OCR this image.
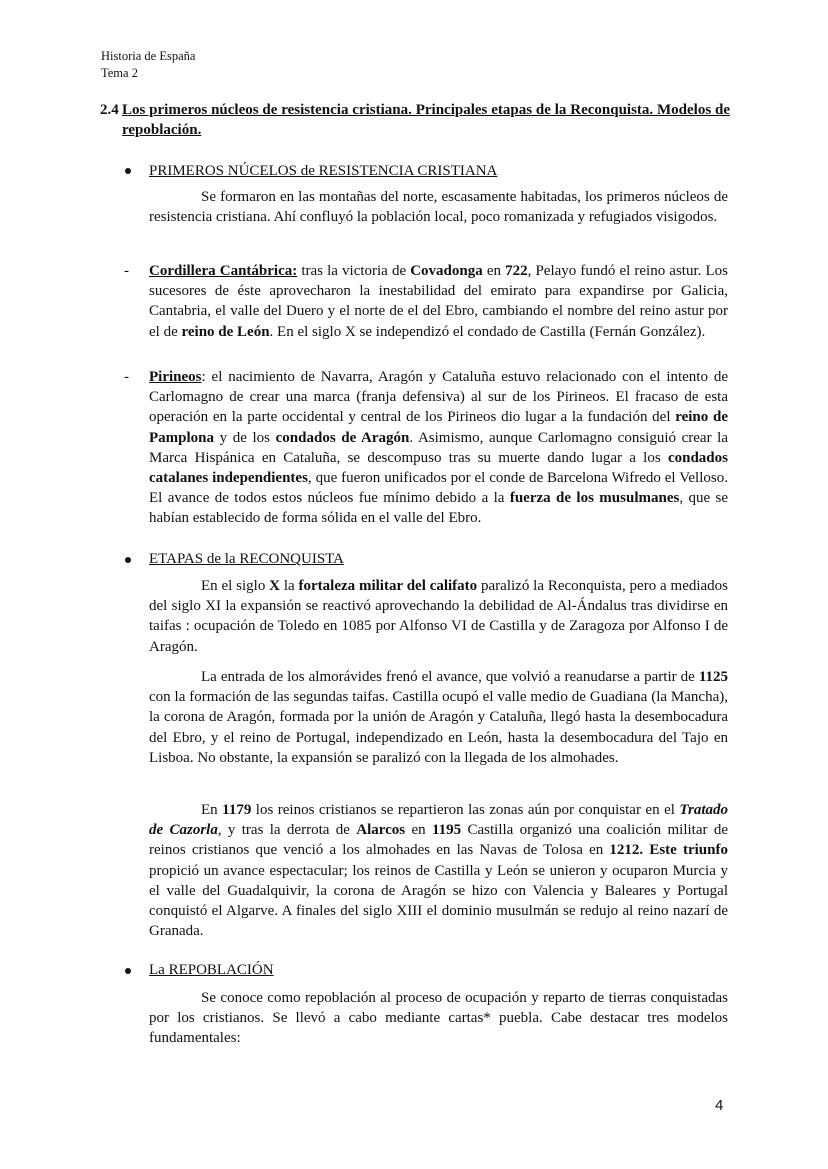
Historia de España
Tema 2
2.4 Los primeros núcleos de resistencia cristiana. Principales etapas de la Reconquista. Modelos de repoblación.
PRIMEROS NÚCELOS de RESISTENCIA CRISTIANA
Se formaron en las montañas del norte, escasamente habitadas, los primeros núcleos de resistencia cristiana. Ahí confluyó la población local, poco romanizada y refugiados visigodos.
- Cordillera Cantábrica: tras la victoria de Covadonga en 722, Pelayo fundó el reino astur. Los sucesores de éste aprovecharon la inestabilidad del emirato para expandirse por Galicia, Cantabria, el valle del Duero y el norte de el del Ebro, cambiando el nombre del reino astur por el de reino de León. En el siglo X se independizó el condado de Castilla (Fernán González).
- Pirineos: el nacimiento de Navarra, Aragón y Cataluña estuvo relacionado con el intento de Carlomagno de crear una marca (franja defensiva) al sur de los Pirineos. El fracaso de esta operación en la parte occidental y central de los Pirineos dio lugar a la fundación del reino de Pamplona y de los condados de Aragón. Asimismo, aunque Carlomagno consiguió crear la Marca Hispánica en Cataluña, se descompuso tras su muerte dando lugar a los condados catalanes independientes, que fueron unificados por el conde de Barcelona Wifredo el Velloso. El avance de todos estos núcleos fue mínimo debido a la fuerza de los musulmanes, que se habían establecido de forma sólida en el valle del Ebro.
ETAPAS de la RECONQUISTA
En el siglo X la fortaleza militar del califato paralizó la Reconquista, pero a mediados del siglo XI la expansión se reactivó aprovechando la debilidad de Al-Ándalus tras dividirse en taifas : ocupación de Toledo en 1085 por Alfonso VI de Castilla y de Zaragoza por Alfonso I de Aragón.
La entrada de los almorávides frenó el avance, que volvió a reanudarse a partir de 1125 con la formación de las segundas taifas. Castilla ocupó el valle medio de Guadiana (la Mancha), la corona de Aragón, formada por la unión de Aragón y Cataluña, llegó hasta la desembocadura del Ebro, y el reino de Portugal, independizado en León, hasta la desembocadura del Tajo en Lisboa. No obstante, la expansión se paralizó con la llegada de los almohades.
En 1179 los reinos cristianos se repartieron las zonas aún por conquistar en el Tratado de Cazorla, y tras la derrota de Alarcos en 1195 Castilla organizó una coalición militar de reinos cristianos que venció a los almohades en las Navas de Tolosa en 1212. Este triunfo propició un avance espectacular; los reinos de Castilla y León se unieron y ocuparon Murcia y el valle del Guadalquivir, la corona de Aragón se hizo con Valencia y Baleares y Portugal conquistó el Algarve. A finales del siglo XIII el dominio musulmán se redujo al reino nazarí de Granada.
La REPOBLACIÓN
Se conoce como repoblación al proceso de ocupación y reparto de tierras conquistadas por los cristianos. Se llevó a cabo mediante cartas* puebla. Cabe destacar tres modelos fundamentales:
4
